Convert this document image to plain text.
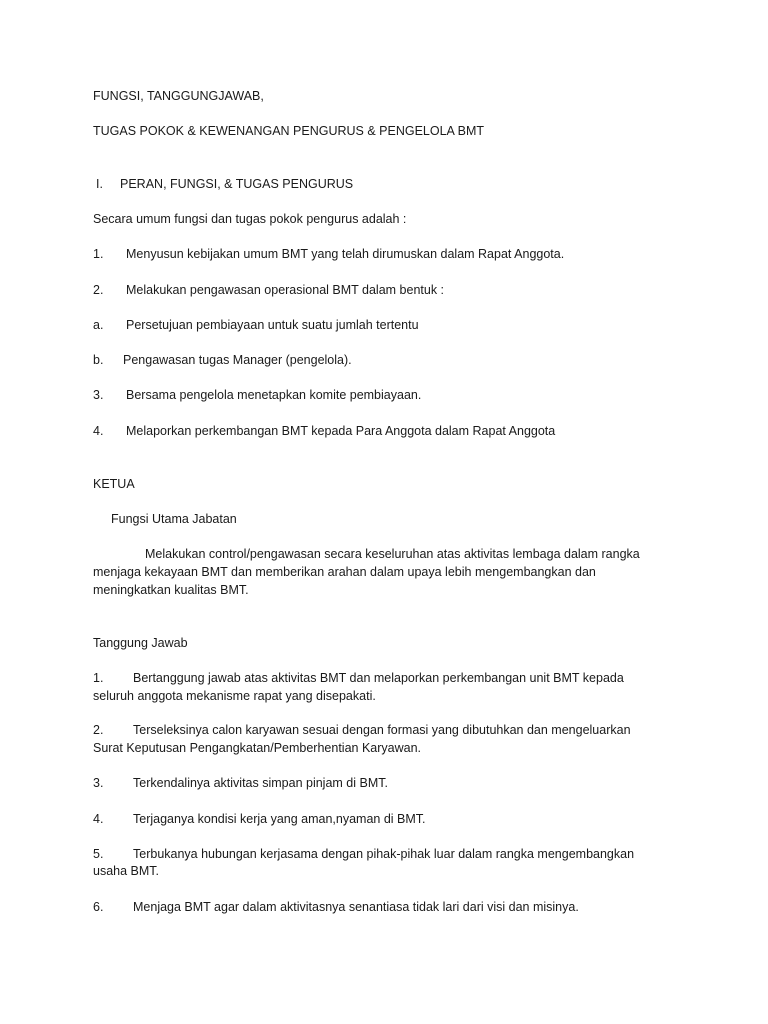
FUNGSI, TANGGUNGJAWAB,
TUGAS POKOK & KEWENANGAN PENGURUS & PENGELOLA BMT
I. PERAN, FUNGSI, & TUGAS PENGURUS
Secara umum fungsi dan tugas pokok pengurus adalah :
1. Menyusun kebijakan umum BMT yang telah dirumuskan dalam Rapat Anggota.
2. Melakukan pengawasan operasional BMT dalam bentuk :
a. Persetujuan pembiayaan untuk suatu jumlah tertentu
b. Pengawasan tugas Manager (pengelola).
3. Bersama pengelola menetapkan komite pembiayaan.
4. Melaporkan perkembangan BMT kepada Para Anggota dalam Rapat Anggota
KETUA
Fungsi Utama Jabatan
Melakukan control/pengawasan secara keseluruhan atas aktivitas lembaga dalam rangka
menjaga kekayaan BMT dan memberikan arahan dalam upaya lebih mengembangkan dan
meningkatkan kualitas BMT.
Tanggung Jawab
1. Bertanggung jawab atas aktivitas BMT dan melaporkan perkembangan unit BMT kepada
seluruh anggota mekanisme rapat yang disepakati.
2. Terseleksinya calon karyawan sesuai dengan formasi yang dibutuhkan dan mengeluarkan
Surat Keputusan Pengangkatan/Pemberhentian Karyawan.
3. Terkendalinya aktivitas simpan pinjam di BMT.
4. Terjaganya kondisi kerja yang aman,nyaman di BMT.
5. Terbukanya hubungan kerjasama dengan pihak-pihak luar dalam rangka mengembangkan
usaha BMT.
6. Menjaga BMT agar dalam aktivitasnya senantiasa tidak lari dari visi dan misinya.
